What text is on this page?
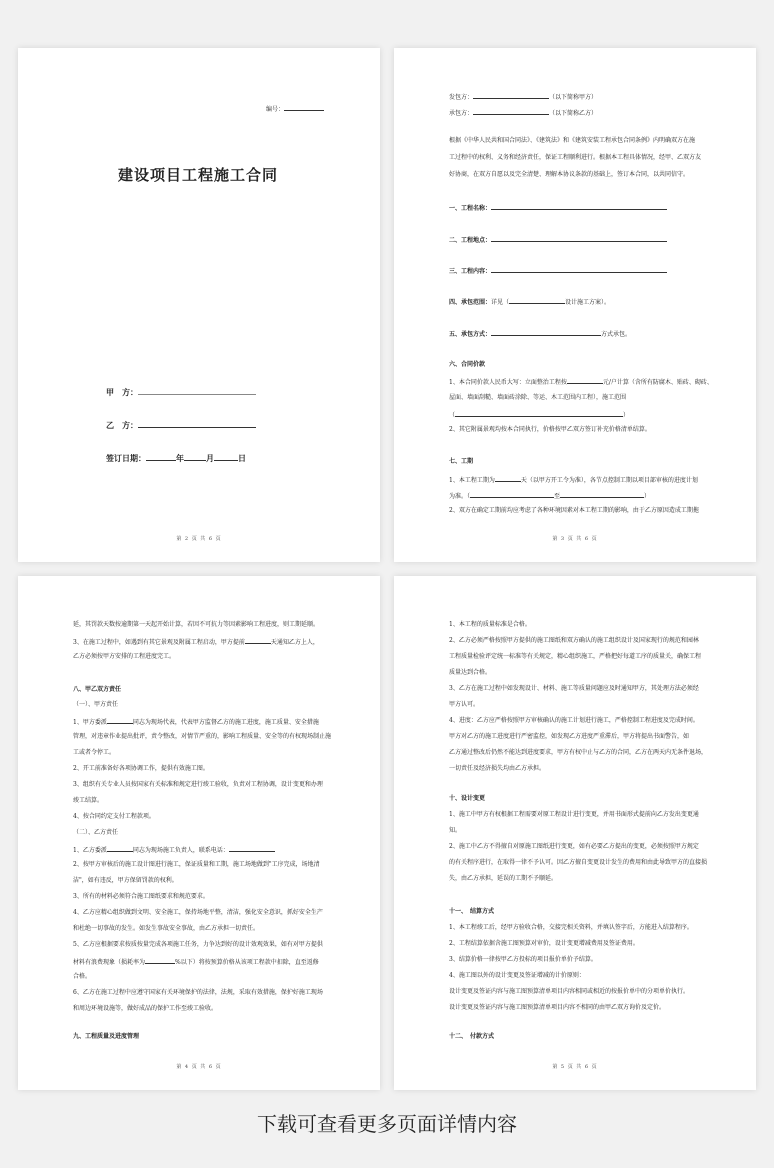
编号：
建设项目工程施工合同
甲　方：
乙　方：
签订日期：	年	月	日
第 2 页 共 6 页
发包方：	（以下简称甲方）
承包方：	（以下简称乙方）
根据《中华人民共和国合同法》、《建筑法》和《建筑安装工程承包合同条例》内明确双方在施
工过程中的权利、义务和经济责任，保证工程顺利进行。根据本工程具体情况，经甲、乙双方友
好协商，在双方自愿以及完全清楚、理解本协议条款的基础上，签订本合同，以共同信守。
一、工程名称：
二、工程地点：
三、工程内容：
四、承包范围：详见（	设计施工方案）。
五、承包方式：	方式承包。
六、合同价款
1、本合同价款人民币大写：立面整治工程按	元/户计算（含所有防腐木、贴砖、砌砖、
屋面、墙面刮糙、墙面砖涂除、等运、木工范围内工程），施工范围
（	）
2、其它附属景观均按本合同执行，价格按甲乙双方签订补充价格清单结算。
七、工期
1、本工程工期为	天（以甲方开工令为准），各节点控制工期以项目部审核的进度计划
为准。（	至	）
2、双方在确定工期前均应考虑了各种环境因素对本工程工期的影响，由于乙方原因造成工期拖
第 3 页 共 6 页
延，其罚款天数按逾期第一天起开始计算，若因不可抗力等因素影响工程进度，则工期延顺。
3、在施工过程中，如遇到有其它景观及附属工程启动，甲方提前	天通知乙方上人，
乙方必须按甲方安排的工程进度完工。
八、甲乙双方责任
（一）、甲方责任
1、甲方委派	同志为现场代表，代表甲方监督乙方的施工进度，施工质量、安全措施
管理，对违章作业提出批评，责令整改，对情节严重的，影响工程质量、安全等的有权现场制止施
工或者令停工。
2、开工前准备好各项协调工作，提供有效施工图。
3、组织有关专业人员按国家有关标准和规定进行竣工验收，负责对工程协调，设计变更和办理
竣工结算。
4、按合同约定支付工程款项。
（二）、乙方责任
1、乙方委派	同志为现场施工负责人，联系电话：
2、按甲方审核后的施工设计图进行施工，保证质量和工期，施工场地做到"工序完成，场地清
洁"，如有违反，甲方保留罚款的权利。
3、所有的材料必须符合施工图纸要求和规范要求。
4、乙方应精心组织做到文明、安全施工，保持场地平整，清洁，强化安全意识，抓好安全生产
和杜绝一切事故的发生。如发生事故安全事故，由乙方承担一切责任。
5、乙方应根据要求按质按量完成各项施工任务，力争达到好的设计效观效果，如有对甲方提供
材料有浪费现象（损耗率为	%以下）将按预算价格从该项工程款中扣除，直至返修
合格。
6、乙方在施工过程中应遵守国家有关环境保护的法律，法规，采取有效措施，保护好施工现场
和周边环境设施等，做好成品的保护工作至竣工验收。
九、工程质量及进度管理
第 4 页 共 6 页
1、本工程的质量标准是合格。
2、乙方必须严格按照甲方提供的施工图纸和双方确认的施工组织设计及国家现行的规范和园林
工程质量检验评定统一标准等有关规定，精心组织施工，严格把好每道工序的质量关，确保工程
质量达到合格。
3、乙方在施工过程中如发现设计、材料、施工等质量问题应及时通知甲方，其处理方法必须经
甲方认可。
4、进度：乙方应严格按照甲方审核确认的施工计划进行施工，严格控制工程进度及完成时间。
甲方对乙方的施工进度进行严密监控，如发现乙方进度严重滞后，甲方将提出书面警告，如
乙方通过整改后仍然不能达到进度要求，甲方有权中止与乙方的合同，乙方在两天内无条件退场，
一切责任及经济损失均由乙方承担。
十、设计变更
1、施工中甲方有权根据工程需要对原工程设计进行变更，并用书面形式提前向乙方发出变更通
知。
2、施工中乙方不得擅自对原施工图纸进行变更，如有必要乙方提出的变更，必须按照甲方规定
的有关程序进行，在取得一律不予认可。因乙方擅自变更设计发生的费用和由此导致甲方的直接损
失，由乙方承担，延误的工期不予顺延。
十一、　结算方式
1、本工程竣工后，经甲方验收合格，交接完相关资料，并填认签字后，方能进入结算程序。
2、工程结算依据含施工图预算对审价，设计变更增减费用及签证费用。
3、结算价格一律按甲乙方投标的项目报价单价予结算。
4、施工图以外的设计变更及签证增减的计价原则：
设计变更及签证内容与施工图预算清单项目内容相同或相近的按报价单中的分项单价执行。
设计变更及签证内容与施工图预算清单项目内容不相同的由甲乙双方询价及定价。
十二、　付款方式
第 5 页 共 6 页
下载可查看更多页面详情内容
